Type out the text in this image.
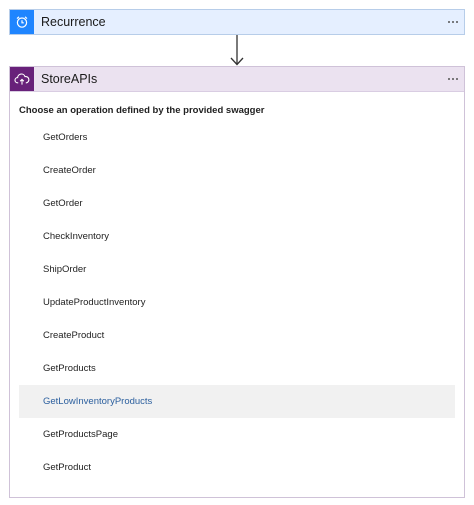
Recurrence
StoreAPIs
Choose an operation defined by the provided swagger
GetOrders
CreateOrder
GetOrder
CheckInventory
ShipOrder
UpdateProductInventory
CreateProduct
GetProducts
GetLowInventoryProducts
GetProductsPage
GetProduct
